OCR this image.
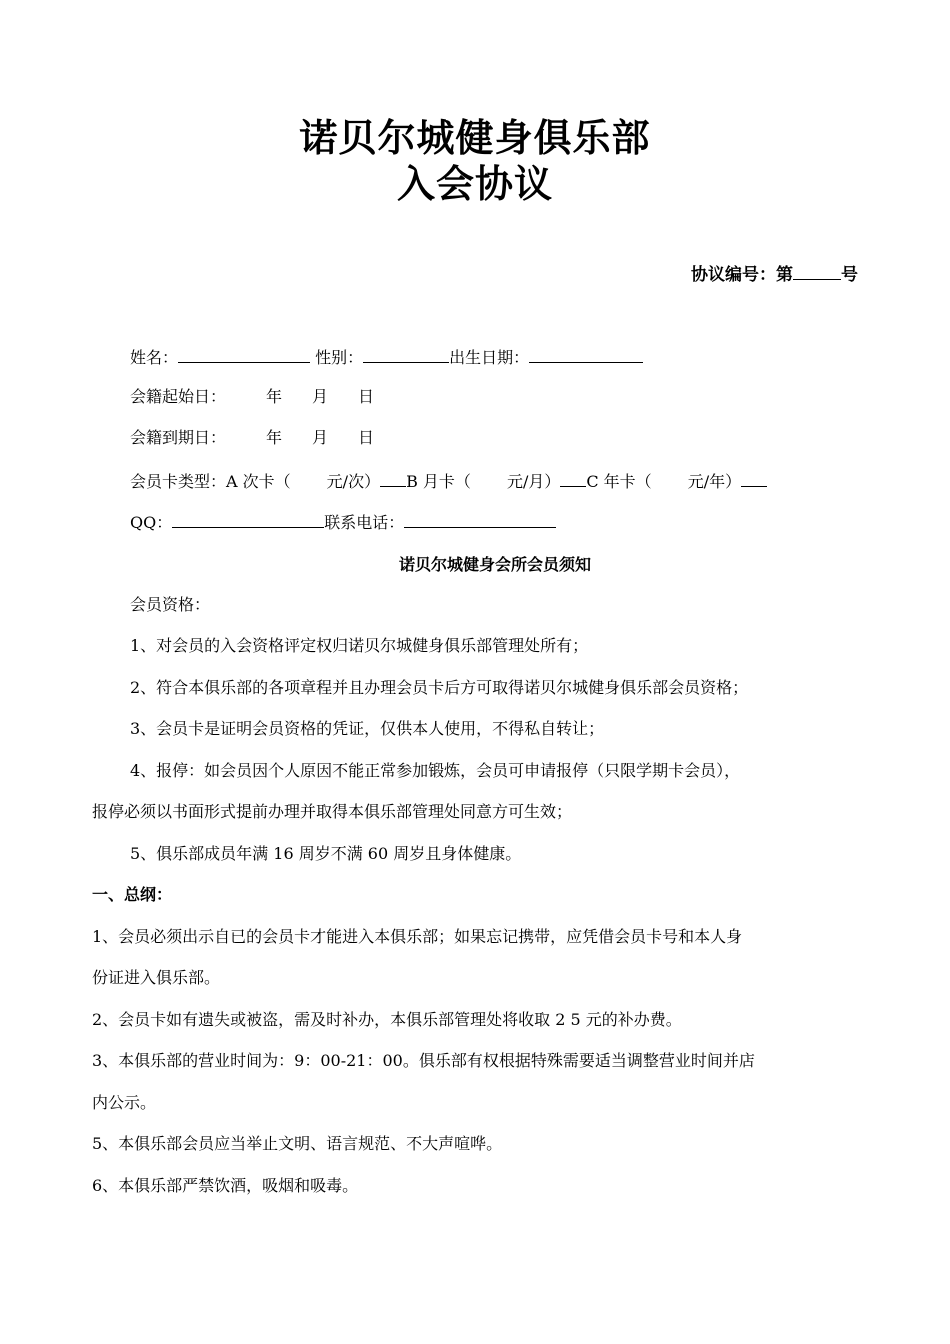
诺贝尔城健身俱乐部
入会协议
协议编号：第	号
姓名：	性别：	出生日期：
会籍起始日：	年 月 日
会籍到期日：	年 月 日
会员卡类型：A 次卡（ 元/次） B 月卡（ 元/月） C 年卡（ 元/年）
QQ：	联系电话：
诺贝尔城健身会所会员须知
会员资格：
1、对会员的入会资格评定权归诺贝尔城健身俱乐部管理处所有；
2、符合本俱乐部的各项章程并且办理会员卡后方可取得诺贝尔城健身俱乐部会员资格；
3、会员卡是证明会员资格的凭证，仅供本人使用，不得私自转让；
4、报停：如会员因个人原因不能正常参加锻炼，会员可申请报停（只限学期卡会员），
报停必须以书面形式提前办理并取得本俱乐部管理处同意方可生效；
5、俱乐部成员年满 16 周岁不满 60 周岁且身体健康。
一、总纲：
1、会员必须出示自已的会员卡才能进入本俱乐部；如果忘记携带，应凭借会员卡号和本人身
份证进入俱乐部。
2、会员卡如有遗失或被盗，需及时补办，本俱乐部管理处将收取 2 5 元的补办费。
3、本俱乐部的营业时间为：9：00-21：00。俱乐部有权根据特殊需要适当调整营业时间并店
内公示。
5、本俱乐部会员应当举止文明、语言规范、不大声喧哗。
6、本俱乐部严禁饮酒，吸烟和吸毒。
